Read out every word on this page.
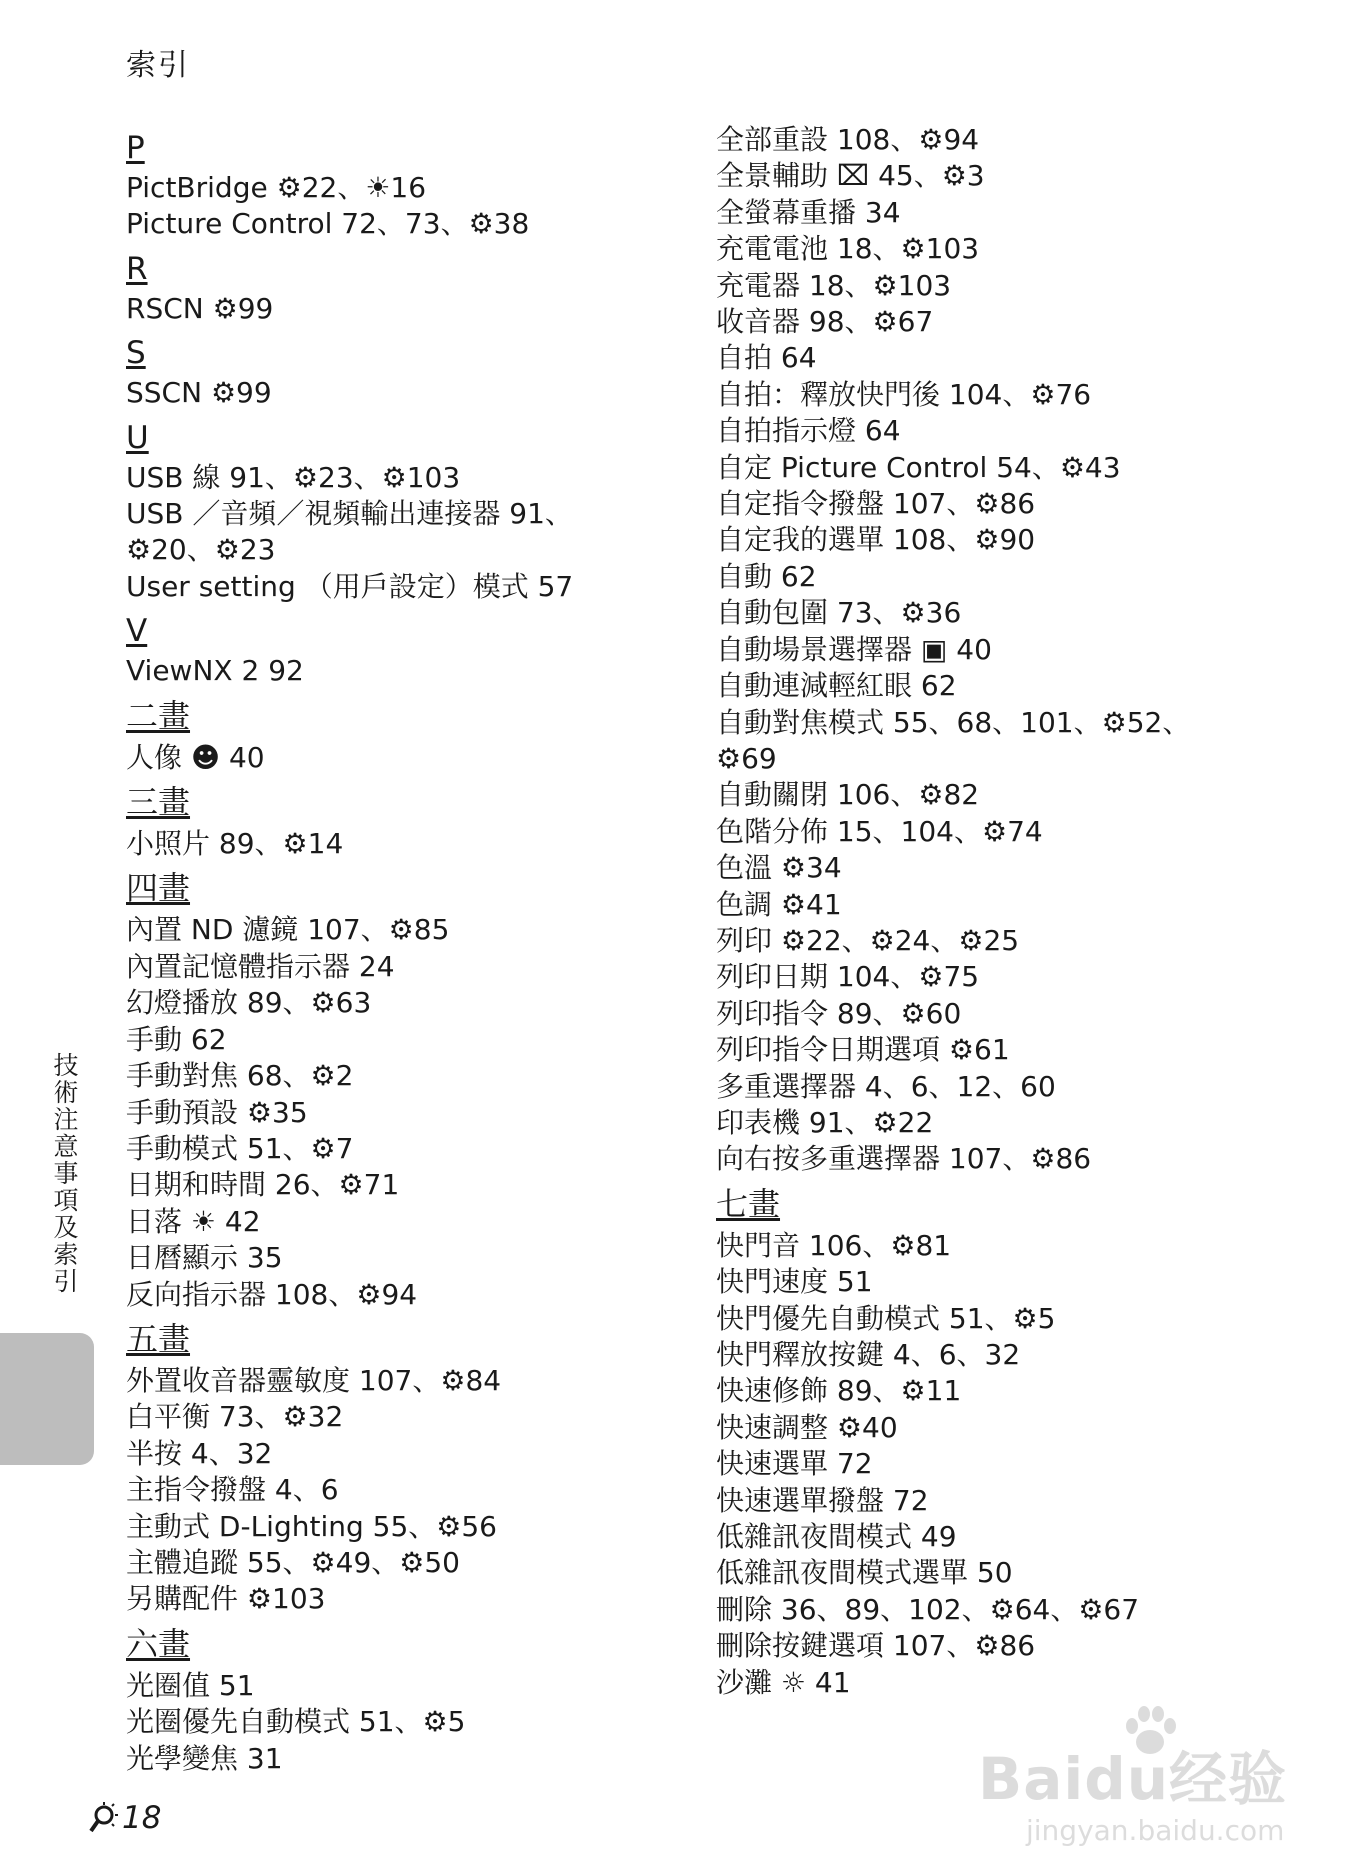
索引
P
PictBridge ⚙22、☀16
Picture Control 72、73、⚙38
R
RSCN ⚙99
S
SSCN ⚙99
U
USB 線 91、⚙23、⚙103
USB ／音頻／視頻輸出連接器 91、
⚙20、⚙23
User setting （用戶設定）模式 57
V
ViewNX 2 92
二畫
人像 ☻ 40
三畫
小照片 89、⚙14
四畫
內置 ND 濾鏡 107、⚙85
內置記憶體指示器 24
幻燈播放 89、⚙63
手動 62
手動對焦 68、⚙2
手動預設 ⚙35
手動模式 51、⚙7
日期和時間 26、⚙71
日落 ☀ 42
日曆顯示 35
反向指示器 108、⚙94
五畫
外置收音器靈敏度 107、⚙84
白平衡 73、⚙32
半按 4、32
主指令撥盤 4、6
主動式 D-Lighting 55、⚙56
主體追蹤 55、⚙49、⚙50
另購配件 ⚙103
六畫
光圈值 51
光圈優先自動模式 51、⚙5
光學變焦 31
全部重設 108、⚙94
全景輔助 ⌧ 45、⚙3
全螢幕重播 34
充電電池 18、⚙103
充電器 18、⚙103
收音器 98、⚙67
自拍 64
自拍：釋放快門後 104、⚙76
自拍指示燈 64
自定 Picture Control 54、⚙43
自定指令撥盤 107、⚙86
自定我的選單 108、⚙90
自動 62
自動包圍 73、⚙36
自動場景選擇器 ▣ 40
自動連減輕紅眼 62
自動對焦模式 55、68、101、⚙52、
⚙69
自動關閉 106、⚙82
色階分佈 15、104、⚙74
色溫 ⚙34
色調 ⚙41
列印 ⚙22、⚙24、⚙25
列印日期 104、⚙75
列印指令 89、⚙60
列印指令日期選項 ⚙61
多重選擇器 4、6、12、60
印表機 91、⚙22
向右按多重選擇器 107、⚙86
七畫
快門音 106、⚙81
快門速度 51
快門優先自動模式 51、⚙5
快門釋放按鍵 4、6、32
快速修飾 89、⚙11
快速調整 ⚙40
快速選單 72
快速選單撥盤 72
低雜訊夜間模式 49
低雜訊夜間模式選單 50
刪除 36、89、102、⚙64、⚙67
刪除按鍵選項 107、⚙86
沙灘 ☼ 41
技術注意事項及索引
18
Baidu经验
jingyan.baidu.com
